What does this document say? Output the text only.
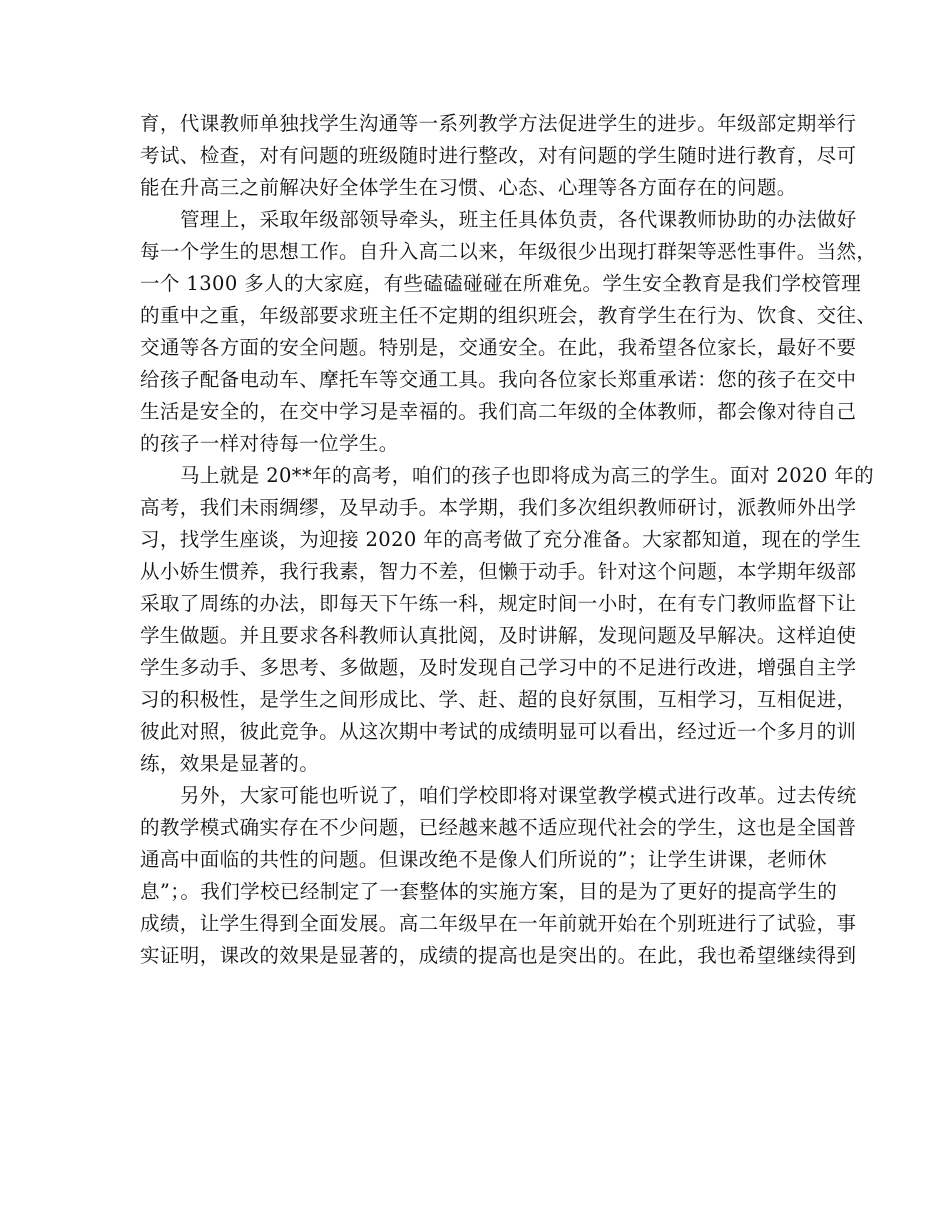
育，代课教师单独找学生沟通等一系列教学方法促进学生的进步。年级部定期举行
考试、检查，对有问题的班级随时进行整改，对有问题的学生随时进行教育，尽可
能在升高三之前解决好全体学生在习惯、心态、心理等各方面存在的问题。
管理上，采取年级部领导牵头，班主任具体负责，各代课教师协助的办法做好
每一个学生的思想工作。自升入高二以来，年级很少出现打群架等恶性事件。当然，
一个 1300 多人的大家庭，有些磕磕碰碰在所难免。学生安全教育是我们学校管理
的重中之重，年级部要求班主任不定期的组织班会，教育学生在行为、饮食、交往、
交通等各方面的安全问题。特别是，交通安全。在此，我希望各位家长，最好不要
给孩子配备电动车、摩托车等交通工具。我向各位家长郑重承诺：您的孩子在交中
生活是安全的，在交中学习是幸福的。我们高二年级的全体教师，都会像对待自己
的孩子一样对待每一位学生。
马上就是 20**年的高考，咱们的孩子也即将成为高三的学生。面对 2020 年的
高考，我们未雨绸缪，及早动手。本学期，我们多次组织教师研讨，派教师外出学
习，找学生座谈，为迎接 2020 年的高考做了充分准备。大家都知道，现在的学生
从小娇生惯养，我行我素，智力不差，但懒于动手。针对这个问题，本学期年级部
采取了周练的办法，即每天下午练一科，规定时间一小时，在有专门教师监督下让
学生做题。并且要求各科教师认真批阅，及时讲解，发现问题及早解决。这样迫使
学生多动手、多思考、多做题，及时发现自己学习中的不足进行改进，增强自主学
习的积极性，是学生之间形成比、学、赶、超的良好氛围，互相学习，互相促进，
彼此对照，彼此竞争。从这次期中考试的成绩明显可以看出，经过近一个多月的训
练，效果是显著的。
另外，大家可能也听说了，咱们学校即将对课堂教学模式进行改革。过去传统
的教学模式确实存在不少问题，已经越来越不适应现代社会的学生，这也是全国普
通高中面临的共性的问题。但课改绝不是像人们所说的”；让学生讲课，老师休
息”；。我们学校已经制定了一套整体的实施方案，目的是为了更好的提高学生的
成绩，让学生得到全面发展。高二年级早在一年前就开始在个别班进行了试验，事
实证明，课改的效果是显著的，成绩的提高也是突出的。在此，我也希望继续得到
